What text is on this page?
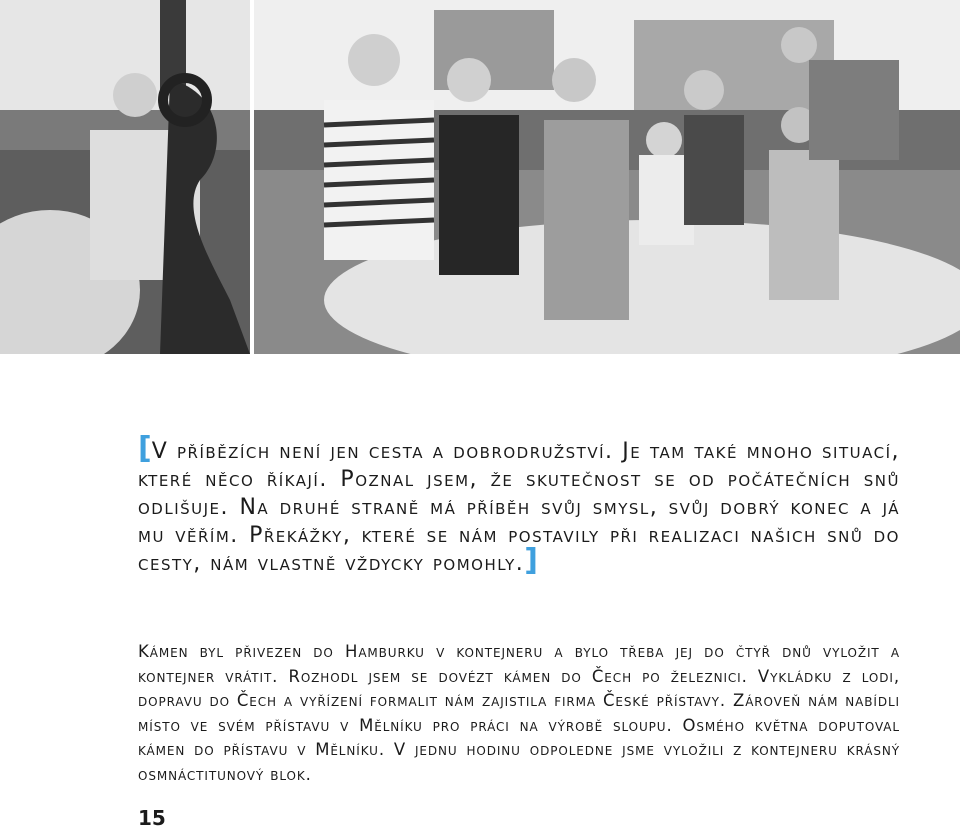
[V příbězích není jen cesta a dobrodružství. Je tam také mnoho situací, které něco říkají. Poznal jsem, že skutečnost se od počátečních snů odlišuje. Na druhé straně má příběh svůj smysl, svůj dobrý konec a já mu věřím. Překážky, které se nám postavily při realizaci našich snů do cesty, nám vlastně vždycky pomohly.]
Kámen byl přivezen do Hamburku v kontejneru a bylo třeba jej do čtyř dnů vyložit a kontejner vrátit. Rozhodl jsem se dovézt kámen do Čech po železnici. Vykládku z lodi, dopravu do Čech a vyřízení formalit nám zajistila firma České přístavy. Zároveň nám nabídli místo ve svém přístavu v Mělníku pro práci na výrobě sloupu. Osmého května doputoval kámen do přístavu v Mělníku. V jednu hodinu odpoledne jsme vyložili z kontejneru krásný osmnáctitunový blok.
15
